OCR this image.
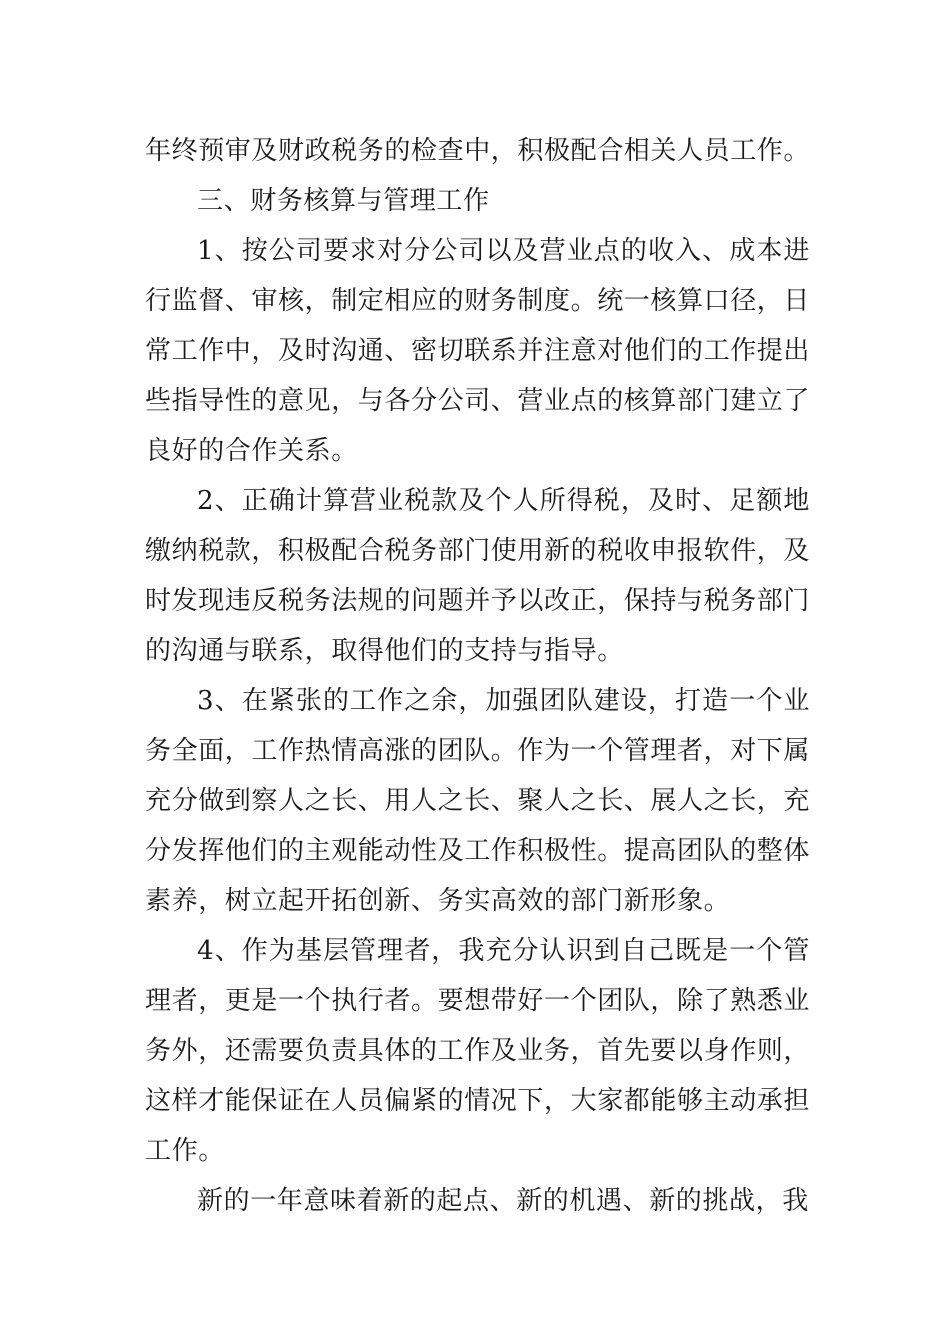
年终预审及财政税务的检查中，积极配合相关人员工作。

三、财务核算与管理工作

1、按公司要求对分公司以及营业点的收入、成本进行监督、审核，制定相应的财务制度。统一核算口径，日常工作中，及时沟通、密切联系并注意对他们的工作提出些指导性的意见，与各分公司、营业点的核算部门建立了良好的合作关系。

2、正确计算营业税款及个人所得税，及时、足额地缴纳税款，积极配合税务部门使用新的税收申报软件，及时发现违反税务法规的问题并予以改正，保持与税务部门的沟通与联系，取得他们的支持与指导。

3、在紧张的工作之余，加强团队建设，打造一个业务全面，工作热情高涨的团队。作为一个管理者，对下属充分做到察人之长、用人之长、聚人之长、展人之长，充分发挥他们的主观能动性及工作积极性。提高团队的整体素养，树立起开拓创新、务实高效的部门新形象。

4、作为基层管理者，我充分认识到自己既是一个管理者，更是一个执行者。要想带好一个团队，除了熟悉业务外，还需要负责具体的工作及业务，首先要以身作则，这样才能保证在人员偏紧的情况下，大家都能够主动承担工作。

新的一年意味着新的起点、新的机遇、新的挑战，我
